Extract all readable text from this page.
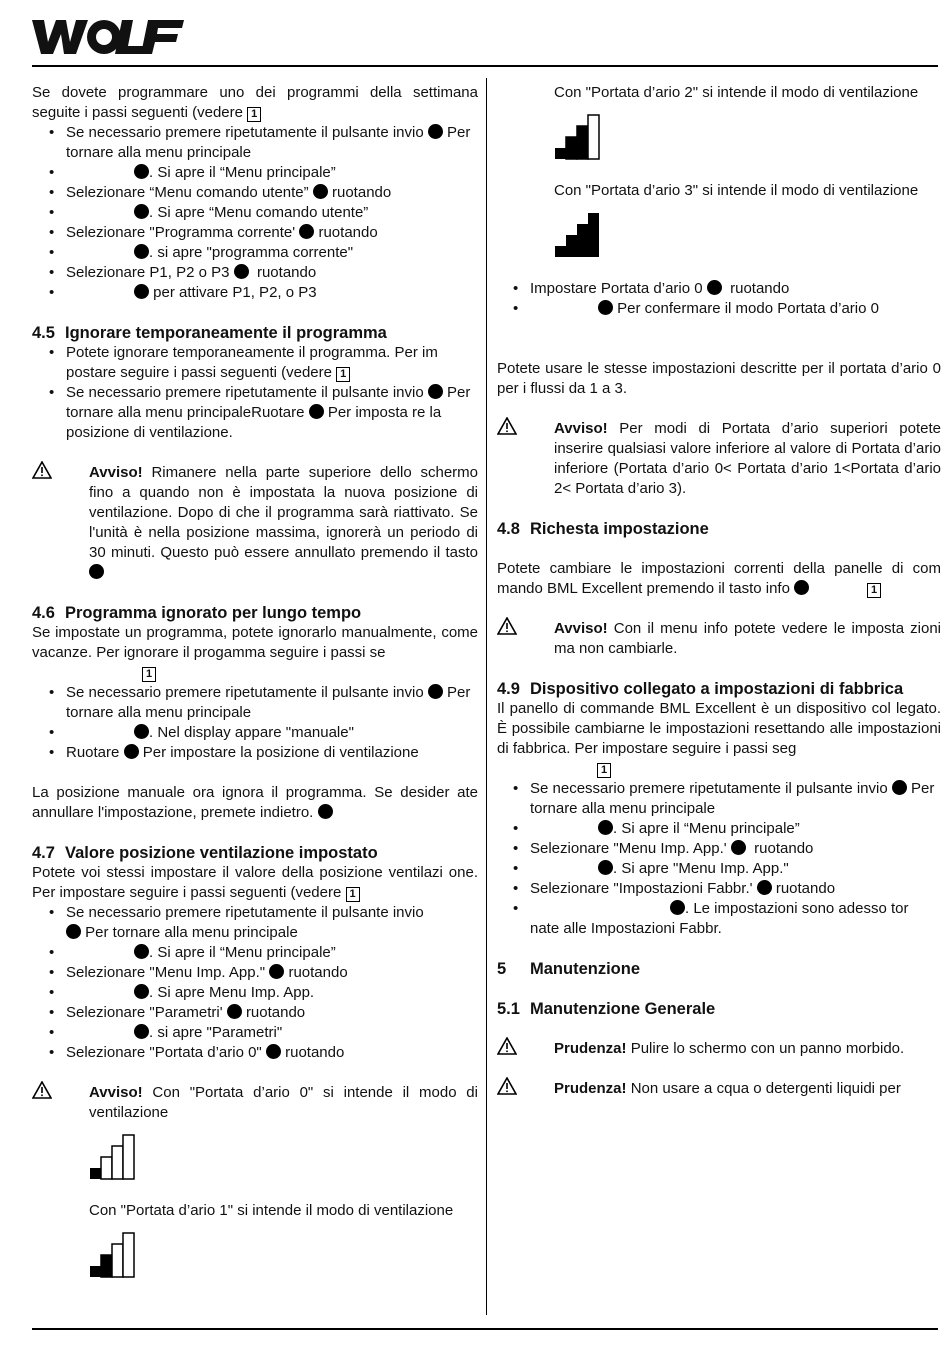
Se dovete programmare uno dei programmi della settimana seguite i passi seguenti (vedere 1

• Se necessario premere ripetutamente il pulsante invio Per tornare alla menu principale
• . Si apre il “Menu principale”
• Selezionare “Menu comando utente” ruotando
• . Si apre “Menu comando utente”
• Selezionare "Programma corrente' ruotando
• . si apre "programma corrente"
• Selezionare P1, P2 o P3 ruotando
• per attivare P1, P2, o P3
4.5 Ignorare temporaneamente il programma
• Potete ignorare temporaneamente il programma. Per im postare seguire i passi seguenti (vedere 1
• Se necessario premere ripetutamente il pulsante invio Per tornare alla menu principaleRuotare Per imposta re la posizione di ventilazione.

Avviso! Rimanere nella parte superiore dello schermo fino a quando non è impostata la nuova posizione di ventilazione. Dopo di che il programma sarà riattivato. Se l'unità è nella posizione massima, ignorerà un periodo di 30 minuti. Questo può essere annullato premendo il tasto

4.6 Programma ignorato per lungo tempo

Se impostate un programma, potete ignorarlo manualmente, come vacanze. Per ignorare il progamma seguire i passi se
1

• Se necessario premere ripetutamente il pulsante invio Per tornare alla menu principale
• . Nel display appare "manuale"
• Ruotare Per impostare la posizione di ventilazione

La posizione manuale ora ignora il programma. Se desider ate annullare l'impostazione, premete indietro.

4.7 Valore posizione ventilazione impostato

Potete voi stessi impostare il valore della posizione ventilazi one. Per impostare seguire i passi seguenti (vedere 1

• Se necessario premere ripetutamente il pulsante invio
Per tornare alla menu principale
• . Si apre il “Menu principale”
• Selezionare "Menu Imp. App." ruotando
• . Si apre Menu Imp. App.
• Selezionare "Parametri' ruotando
• . si apre "Parametri"
• Selezionare "Portata d’ario 0" ruotando

Avviso! Con "Portata d’ario 0" si intende il modo di ventilazione

Con "Portata d’ario 1" si intende il modo di ventilazione

Con "Portata d’ario 2" si intende il modo di ventilazione

Con "Portata d’ario 3" si intende il modo di ventilazione

• Impostare Portata d’ario 0 ruotando
• Per confermare il modo Portata d’ario 0

Potete usare le stesse impostazioni descritte per il portata d’ario 0 per i flussi da 1 a 3.

Avviso! Per modi di Portata d’ario superiori potete inserire qualsiasi valore inferiore al valore di Portata d’ario inferiore (Portata d’ario 0< Portata d’ario 1<Portata d’ario 2< Portata d’ario 3).

4.8 Richesta impostazione

Potete cambiare le impostazioni correnti della panelle di com mando BML Excellent premendo il tasto info	1

Avviso! Con il menu info potete vedere le imposta zioni ma non cambiarle.

4.9 Dispositivo collegato a impostazioni di fabbrica

Il panello di commande BML Excellent è un dispositivo col legato. È possibile cambiarne le impostazioni resettando alle impostazioni di fabbrica. Per impostare seguire i passi seg
1

• Se necessario premere ripetutamente il pulsante invio Per tornare alla menu principale
• . Si apre il “Menu principale”
• Selezionare "Menu Imp. App.' ruotando
• . Si apre "Menu Imp. App."
• Selezionare "Impostazioni Fabbr.' ruotando
• . Le impostazioni sono adesso tor nate alle Impostazioni Fabbr.
5 Manutenzione
5.1 Manutenzione Generale

Prudenza! Pulire lo schermo con un panno morbido.

Prudenza! Non usare a cqua o detergenti liquidi per
